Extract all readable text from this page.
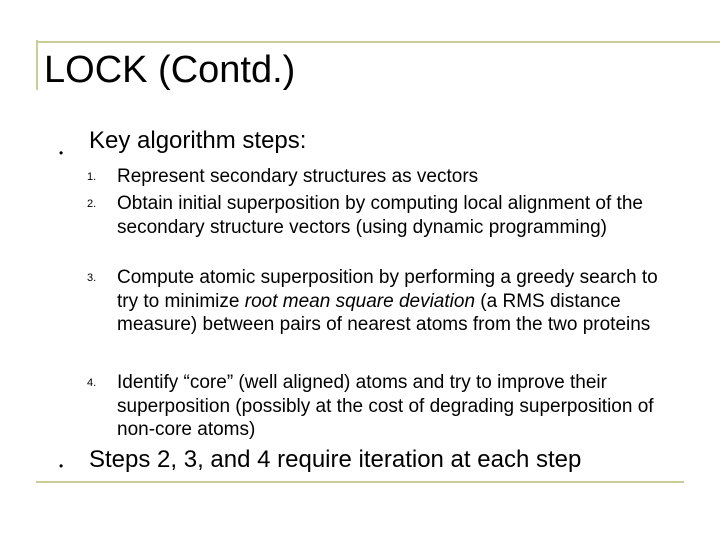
LOCK (Contd.)
• Key algorithm steps:
1. Represent secondary structures as vectors
2. Obtain initial superposition by computing local alignment of the secondary structure vectors (using dynamic programming)
3. Compute atomic superposition by performing a greedy search to try to minimize root mean square deviation (a RMS distance measure) between pairs of nearest atoms from the two proteins
4. Identify “core” (well aligned) atoms and try to improve their superposition (possibly at the cost of degrading superposition of non-core atoms)
• Steps 2, 3, and 4 require iteration at each step
